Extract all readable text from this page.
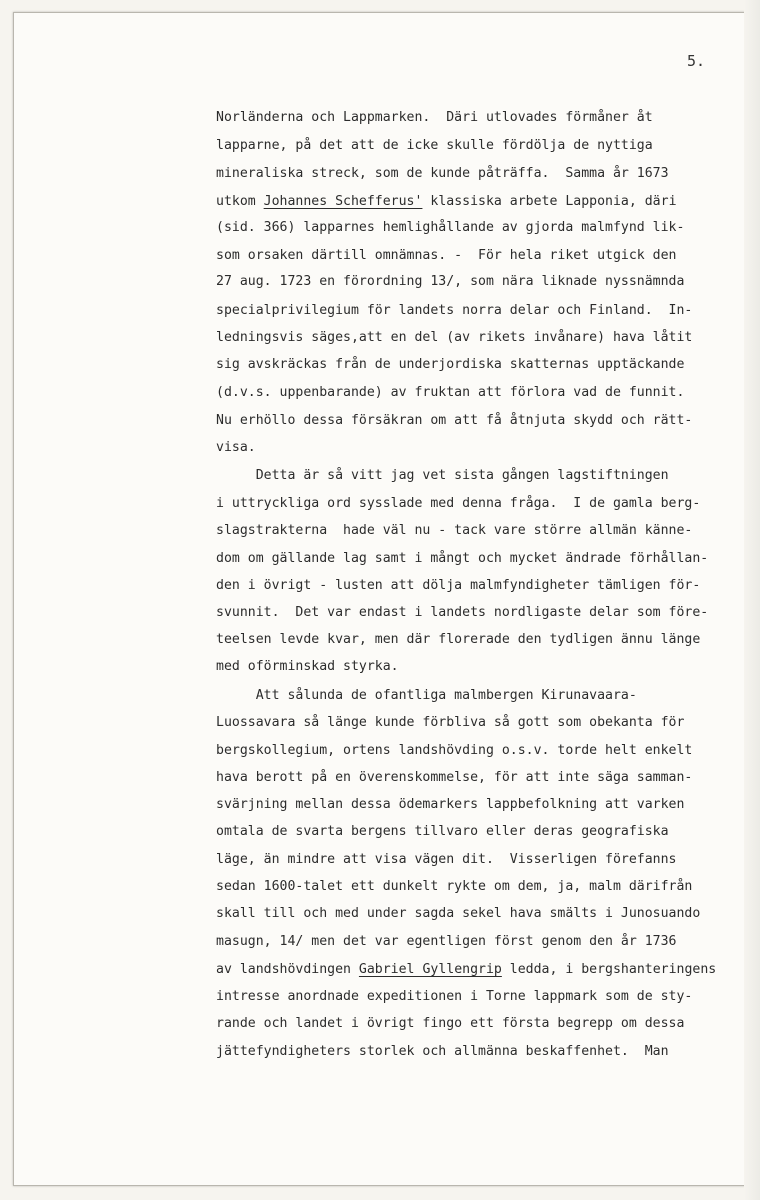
5.
Norländerna och Lappmarken.  Däri utlovades förmåner åt
lapparne, på det att de icke skulle fördölja de nyttiga
mineraliska streck, som de kunde påträffa.  Samma år 1673
utkom Johannes Schefferus' klassiska arbete Lapponia, däri
(sid. 366) lapparnes hemlighållande av gjorda malmfynd lik-
som orsaken därtill omnämnas. -  För hela riket utgick den
27 aug. 1723 en förordning 13/, som nära liknade nyssnämnda
specialprivilegium för landets norra delar och Finland.  In-
ledningsvis säges,att en del (av rikets invånare) hava låtit
sig avskräckas från de underjordiska skatternas upptäckande
(d.v.s. uppenbarande) av fruktan att förlora vad de funnit.
Nu erhöllo dessa försäkran om att få åtnjuta skydd och rätt-
visa.
Detta är så vitt jag vet sista gången lagstiftningen
i uttryckliga ord sysslade med denna fråga.  I de gamla berg-
slagstrakterna  hade väl nu - tack vare större allmän känne-
dom om gällande lag samt i mångt och mycket ändrade förhållan-
den i övrigt - lusten att dölja malmfyndigheter tämligen för-
svunnit.  Det var endast i landets nordligaste delar som före-
teelsen levde kvar, men där florerade den tydligen ännu länge
med oförminskad styrka.
Att sålunda de ofantliga malmbergen Kirunavaara-
Luossavara så länge kunde förbliva så gott som obekanta för
bergskollegium, ortens landshövding o.s.v. torde helt enkelt
hava berott på en överenskommelse, för att inte säga samman-
svärjning mellan dessa ödemarkers lappbefolkning att varken
omtala de svarta bergens tillvaro eller deras geografiska
läge, än mindre att visa vägen dit.  Visserligen förefanns
sedan 1600-talet ett dunkelt rykte om dem, ja, malm därifrån
skall till och med under sagda sekel hava smälts i Junosuando
masugn, 14/ men det var egentligen först genom den år 1736
av landshövdingen Gabriel Gyllengrip ledda, i bergshanteringens
intresse anordnade expeditionen i Torne lappmark som de sty-
rande och landet i övrigt fingo ett första begrepp om dessa
jättefyndigheters storlek och allmänna beskaffenhet.  Man
